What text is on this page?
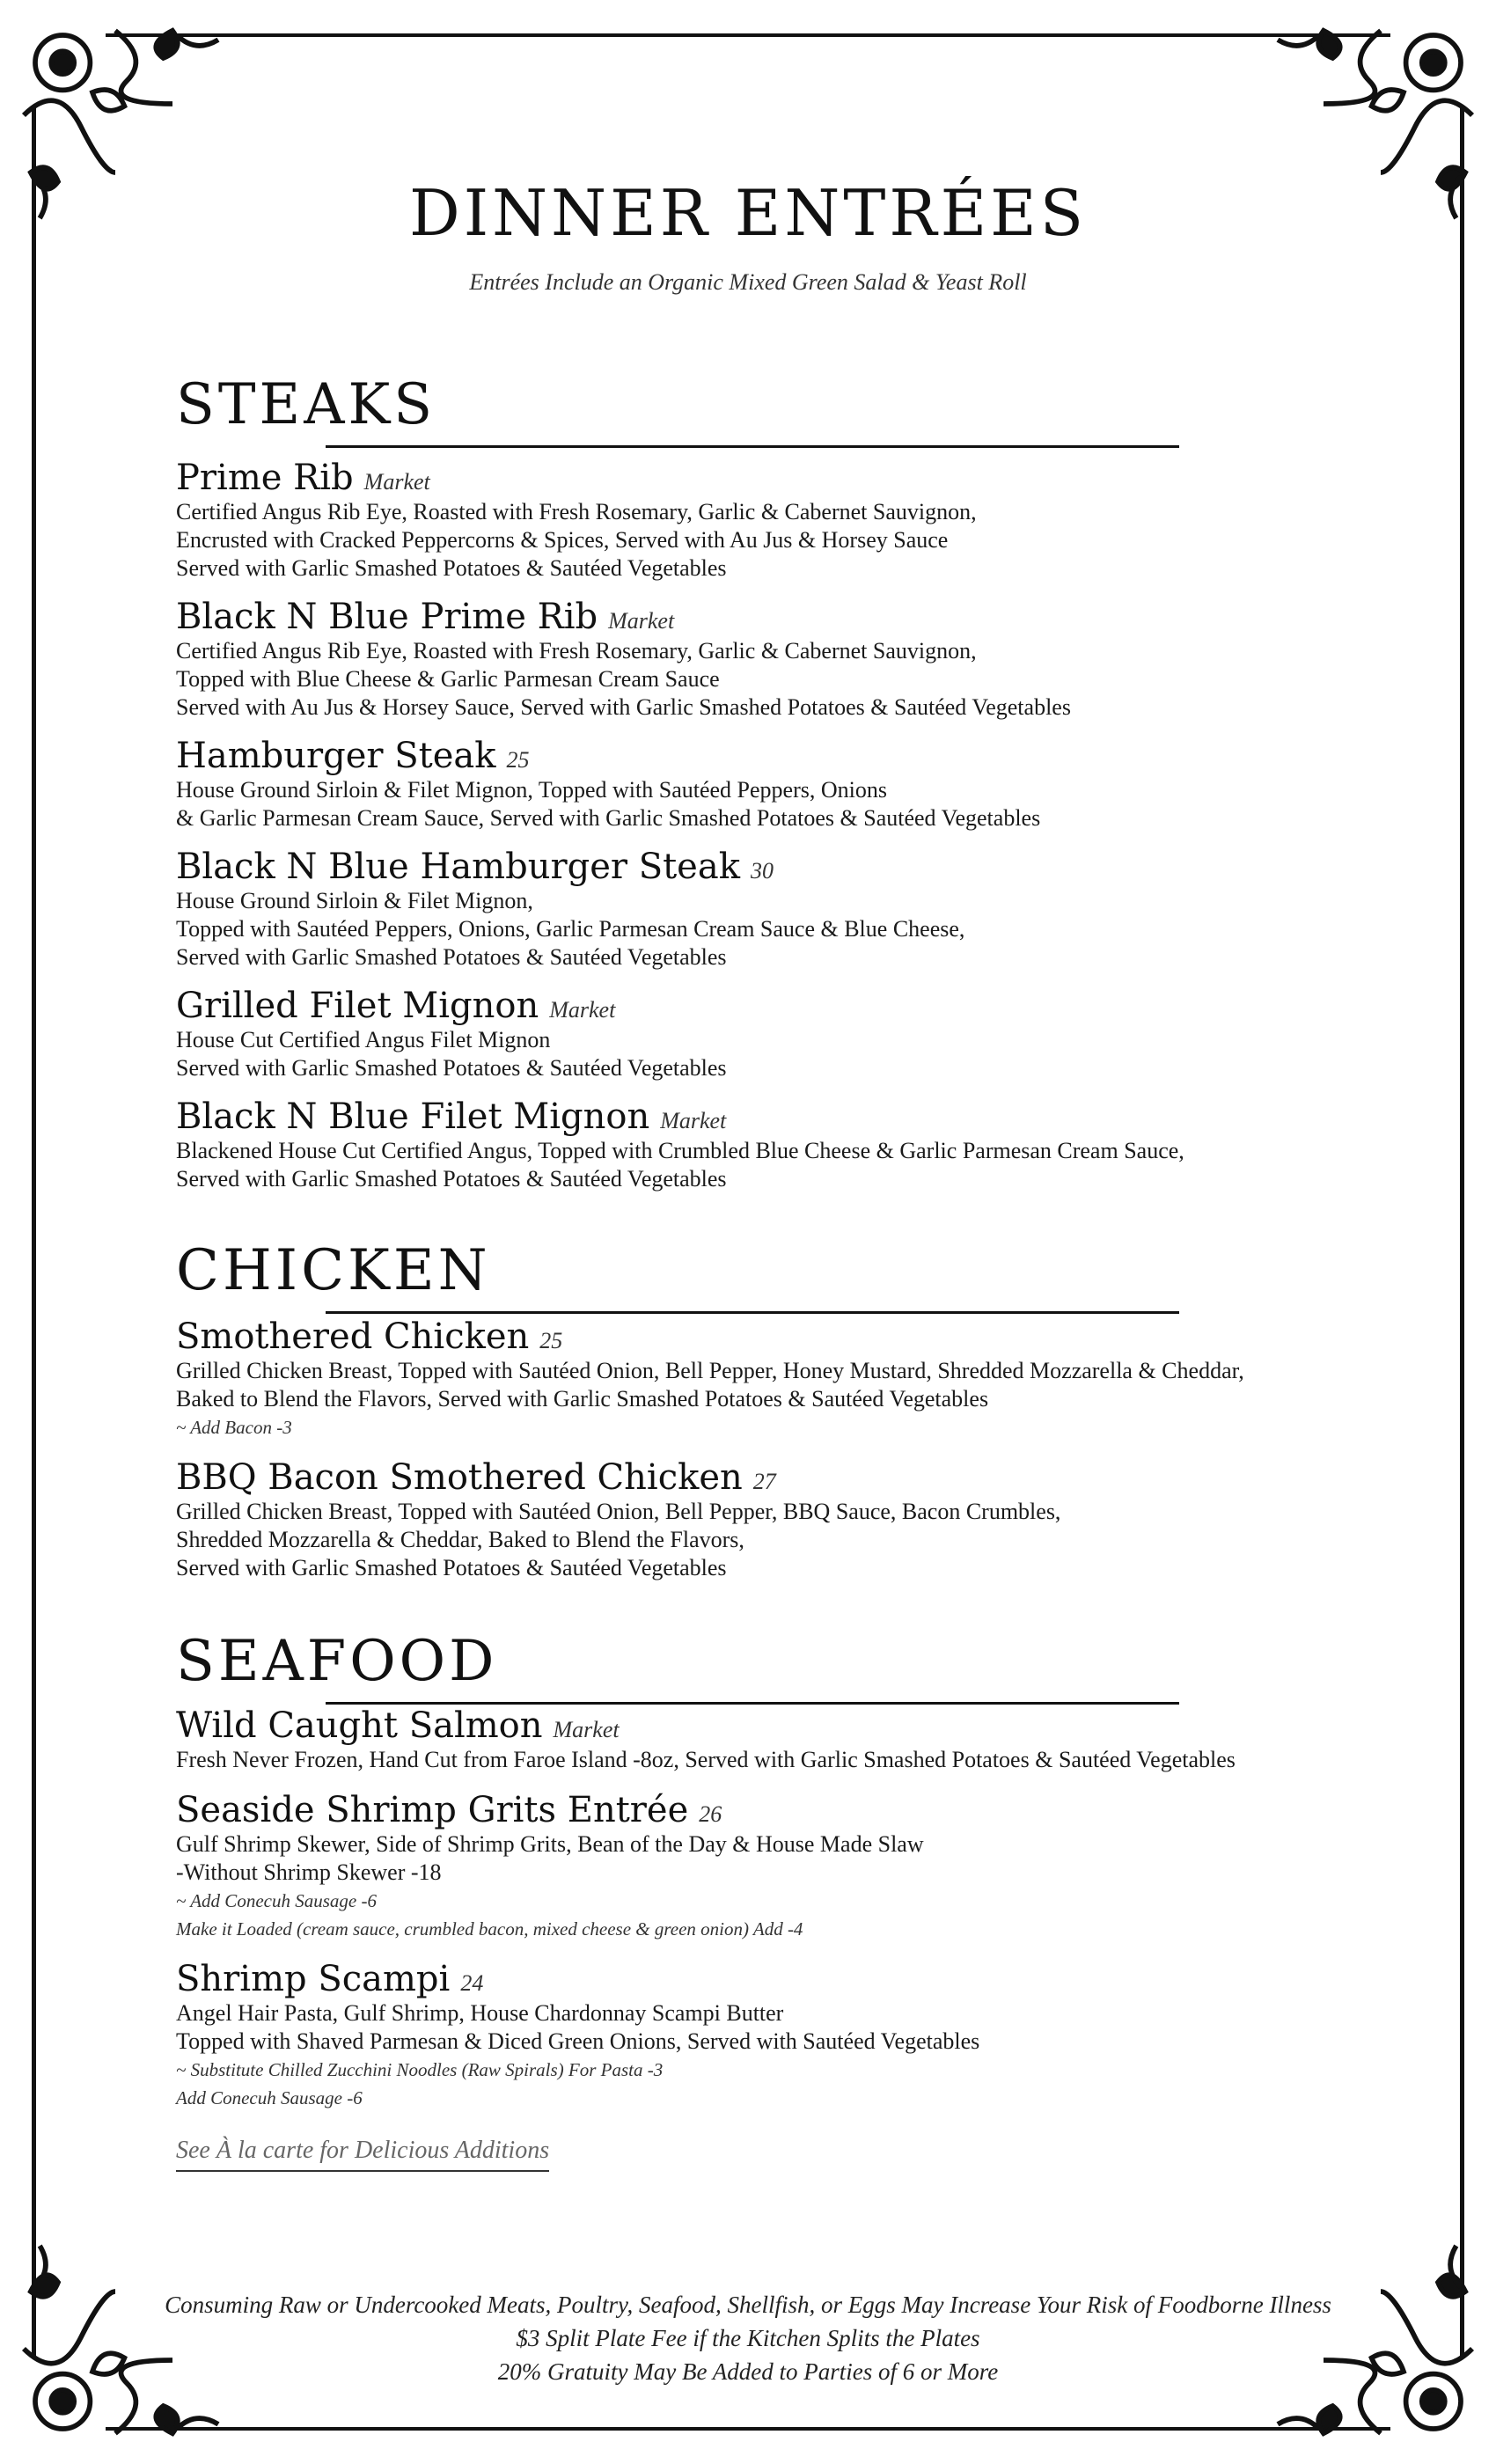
DINNER ENTRÉES
Entrées Include an Organic Mixed Green Salad & Yeast Roll
STEAKS
Prime Rib Market
Certified Angus Rib Eye, Roasted with Fresh Rosemary, Garlic & Cabernet Sauvignon,
Encrusted with Cracked Peppercorns & Spices, Served with Au Jus & Horsey Sauce
Served with Garlic Smashed Potatoes & Sautéed Vegetables
Black N Blue Prime Rib Market
Certified Angus Rib Eye, Roasted with Fresh Rosemary, Garlic & Cabernet Sauvignon,
Topped with Blue Cheese & Garlic Parmesan Cream Sauce
Served with Au Jus & Horsey Sauce, Served with Garlic Smashed Potatoes & Sautéed Vegetables
Hamburger Steak 25
House Ground Sirloin & Filet Mignon, Topped with Sautéed Peppers, Onions
& Garlic Parmesan Cream Sauce, Served with Garlic Smashed Potatoes & Sautéed Vegetables
Black N Blue Hamburger Steak 30
House Ground Sirloin & Filet Mignon,
Topped with Sautéed Peppers, Onions, Garlic Parmesan Cream Sauce & Blue Cheese,
Served with Garlic Smashed Potatoes & Sautéed Vegetables
Grilled Filet Mignon Market
House Cut Certified Angus Filet Mignon
Served with Garlic Smashed Potatoes & Sautéed Vegetables
Black N Blue Filet Mignon Market
Blackened House Cut Certified Angus, Topped with Crumbled Blue Cheese & Garlic Parmesan Cream Sauce,
Served with Garlic Smashed Potatoes & Sautéed Vegetables
CHICKEN
Smothered Chicken 25
Grilled Chicken Breast, Topped with Sautéed Onion, Bell Pepper, Honey Mustard, Shredded Mozzarella & Cheddar,
Baked to Blend the Flavors, Served with Garlic Smashed Potatoes & Sautéed Vegetables
~ Add Bacon -3
BBQ Bacon Smothered Chicken 27
Grilled Chicken Breast, Topped with Sautéed Onion, Bell Pepper, BBQ Sauce, Bacon Crumbles,
Shredded Mozzarella & Cheddar, Baked to Blend the Flavors,
Served with Garlic Smashed Potatoes & Sautéed Vegetables
SEAFOOD
Wild Caught Salmon Market
Fresh Never Frozen, Hand Cut from Faroe Island -8oz, Served with Garlic Smashed Potatoes & Sautéed Vegetables
Seaside Shrimp Grits Entrée 26
Gulf Shrimp Skewer, Side of Shrimp Grits, Bean of the Day & House Made Slaw
-Without Shrimp Skewer -18
~ Add Conecuh Sausage -6
Make it Loaded (cream sauce, crumbled bacon, mixed cheese & green onion) Add -4
Shrimp Scampi 24
Angel Hair Pasta, Gulf Shrimp, House Chardonnay Scampi Butter
Topped with Shaved Parmesan & Diced Green Onions, Served with Sautéed Vegetables
~ Substitute Chilled Zucchini Noodles (Raw Spirals) For Pasta -3
Add Conecuh Sausage -6
See À la carte for Delicious Additions
Consuming Raw or Undercooked Meats, Poultry, Seafood, Shellfish, or Eggs May Increase Your Risk of Foodborne Illness
$3 Split Plate Fee if the Kitchen Splits the Plates
20% Gratuity May Be Added to Parties of 6 or More
